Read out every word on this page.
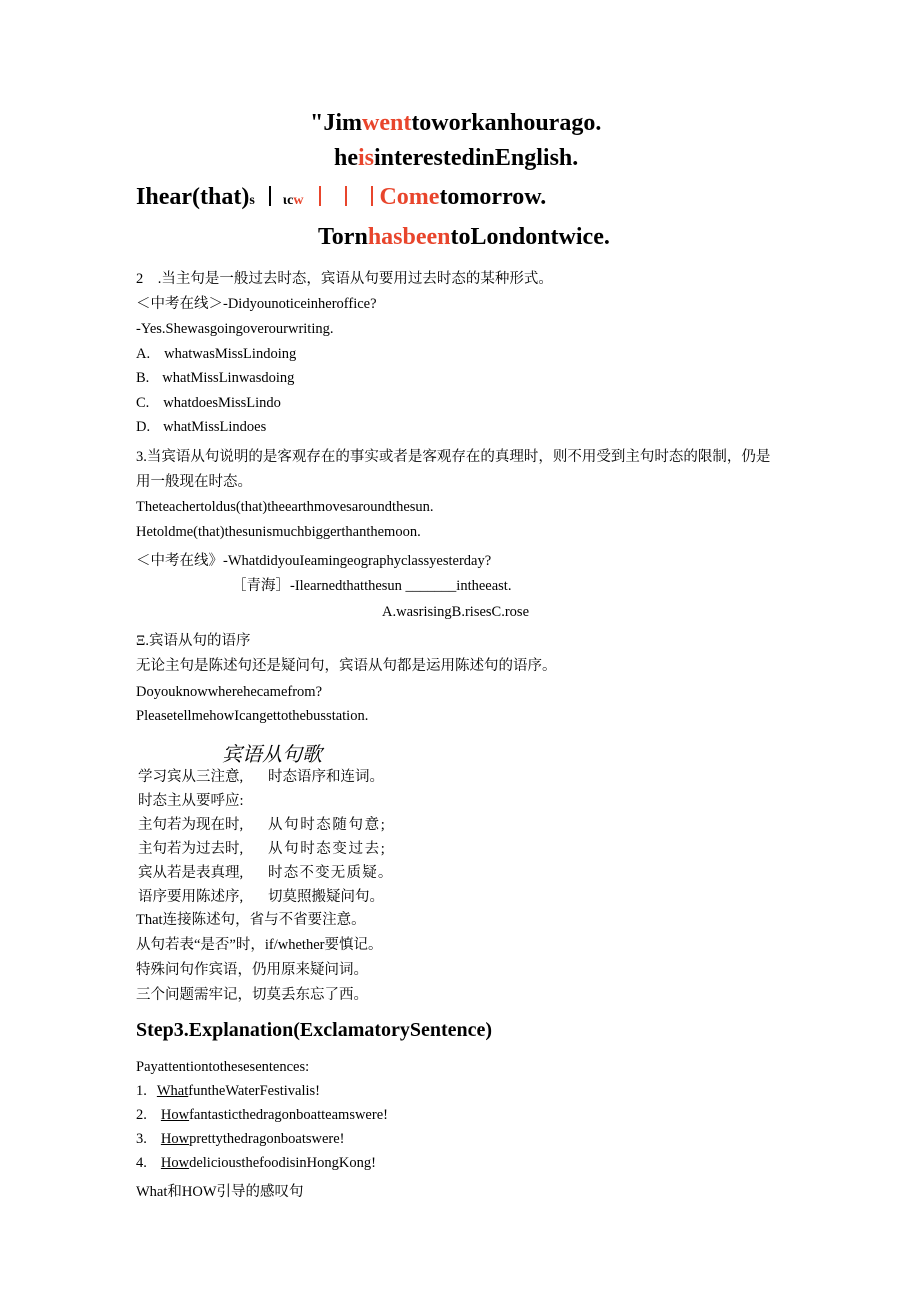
"Jimwenttoworkanhourago.
heisinterestedinEnglish.
Ihear(that)s ιcw	Cometomorrow.
TornhasbeentoLondontwice.
2　.当主句是一般过去时态，宾语从句要用过去时态的某种形式。
＜中考在线＞-Didyounoticeinheroffice?
-Yes.Shewasgoingoverourwriting.
A. whatwasMissLindoing
B. whatMissLinwasdoing
C. whatdoesMissLindo
D. whatMissLindoes
3.当宾语从句说明的是客观存在的事实或者是客观存在的真理时，则不用受到主句时态的限制，仍是
用一般现在时态。
Theteachertoldus(that)theearthmovesaroundthesun.
Hetoldme(that)thesunismuchbiggerthanthemoon.
＜中考在线》-WhatdidyouIeamingeographyclassyesterday?
［青海］-Ilearnedthatthesun _______intheeast.
A.wasrisingB.risesC.rose
Ξ.宾语从句的语序
无论主句是陈述句还是疑问句，宾语从句都是运用陈述句的语序。
Doyouknowwherehecamefrom?
PleasetellmehowIcangettothebusstation.
宾语从句歌
学习宾从三注意, 时态语序和连词。
时态主从要呼应:
主句若为现在时, 从句时态随句意;
主句若为过去时, 从句时态变过去;
宾从若是表真理, 时态不变无质疑。
语序要用陈述序, 切莫照搬疑问句。
That连接陈述句，省与不省要注意。
从句若表“是否”时，if/whether要慎记。
特殊问句作宾语，仍用原来疑问词。
三个问题需牢记，切莫丢东忘了西。
Step3.Explanation(ExclamatorySentence)
Payattentiontothesesentences:
1. WhatfuntheWaterFestivalis!
2. Howfantasticthedragonboatteamswere!
3. Howprettythedragonboatswere!
4. HowdeliciousthefoodisinHongKong!
What和HOW引导的感叹句
